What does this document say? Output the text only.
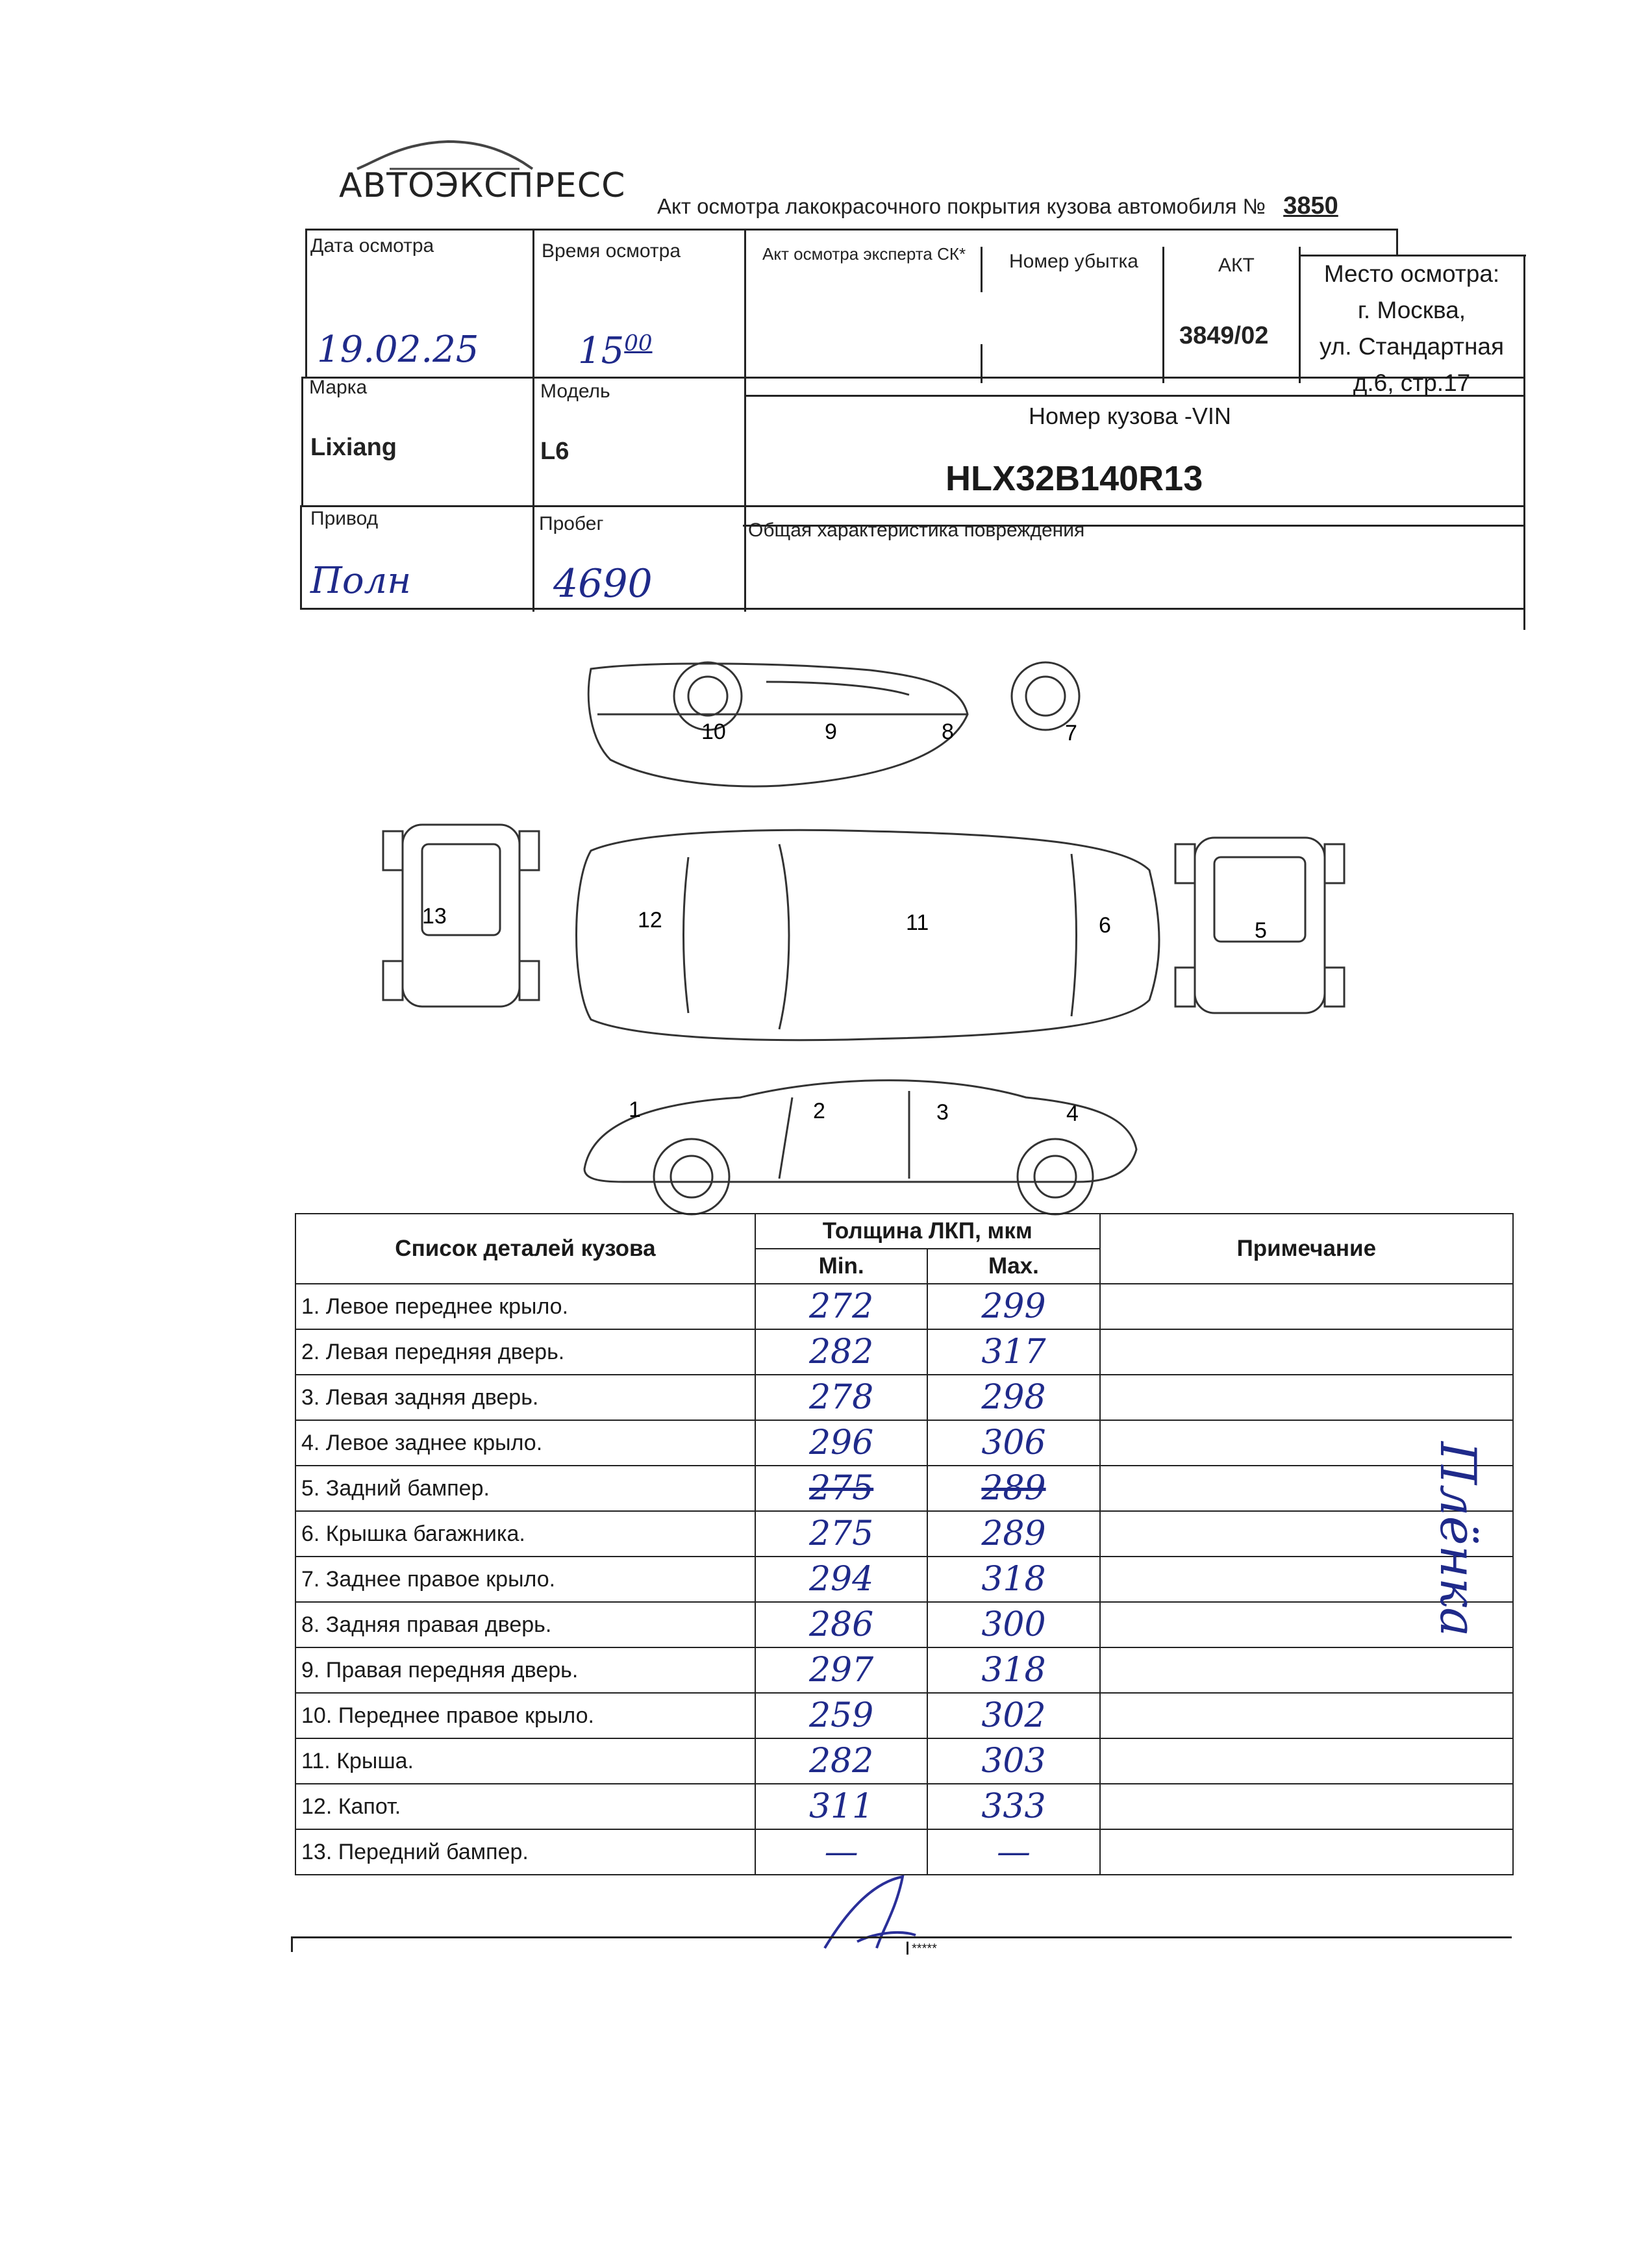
АВТОЭКСПРЕСС
Акт осмотра лакокрасочного покрытия кузова автомобиля № 3850
Дата осмотра
19.02.25
Время осмотра
$15^{00}$
Акт осмотра эксперта СК* Номер убытка	АКТ
3849/02
Место осмотра:
г. Москва,
ул. Стандартная
д.6, стр.17
Марка
Lixiang
Модель
L6
Номер кузова -VIN
HLX32B140R13
Привод
Полн
Пробег
4690
Общая характеристика повреждения
10	9	8	7
13	12	11	6	5
2	3	4
1
Список деталей кузова	Толщина ЛКП, мкм		Примечание
	Min.	Max.	
1. Левое переднее крыло.	272	299	
2. Левая передняя дверь.	282	317	
3. Левая задняя дверь.	278	298	
4. Левое заднее крыло.	296	306	
5. Задний бампер.	275	289	
6. Крышка багажника.	275	289	
7. Заднее правое крыло.	294	318	
8. Задняя правая дверь.	286	300	
9. Правая передняя дверь.	297	318	
10. Переднее правое крыло.	259	302	
11. Крыша.	282	303	
12. Капот.	311	333	
13. Передний бампер.	—	—	
Плёнка
*****
